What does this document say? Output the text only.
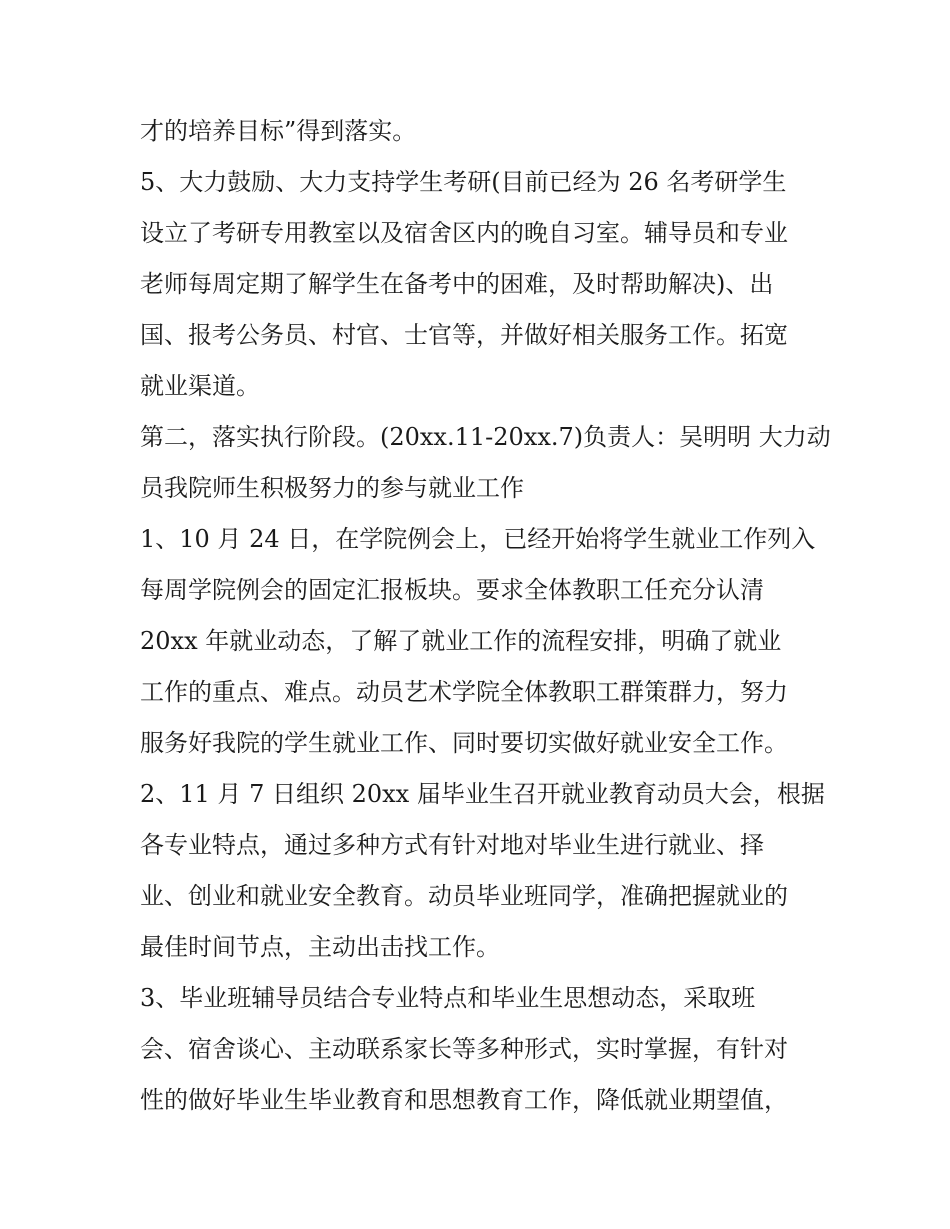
才的培养目标”得到落实。
5、大力鼓励、大力支持学生考研(目前已经为 26 名考研学生
设立了考研专用教室以及宿舍区内的晚自习室。辅导员和专业
老师每周定期了解学生在备考中的困难，及时帮助解决)、出
国、报考公务员、村官、士官等，并做好相关服务工作。拓宽
就业渠道。
第二，落实执行阶段。(20xx.11-20xx.7)负责人：吴明明 大力动
员我院师生积极努力的参与就业工作
1、10 月 24 日，在学院例会上，已经开始将学生就业工作列入
每周学院例会的固定汇报板块。要求全体教职工任充分认清
20xx 年就业动态，了解了就业工作的流程安排，明确了就业
工作的重点、难点。动员艺术学院全体教职工群策群力，努力
服务好我院的学生就业工作、同时要切实做好就业安全工作。
2、11 月 7 日组织 20xx 届毕业生召开就业教育动员大会，根据
各专业特点，通过多种方式有针对地对毕业生进行就业、择
业、创业和就业安全教育。动员毕业班同学，准确把握就业的
最佳时间节点，主动出击找工作。
3、毕业班辅导员结合专业特点和毕业生思想动态，采取班
会、宿舍谈心、主动联系家长等多种形式，实时掌握，有针对
性的做好毕业生毕业教育和思想教育工作，降低就业期望值，
